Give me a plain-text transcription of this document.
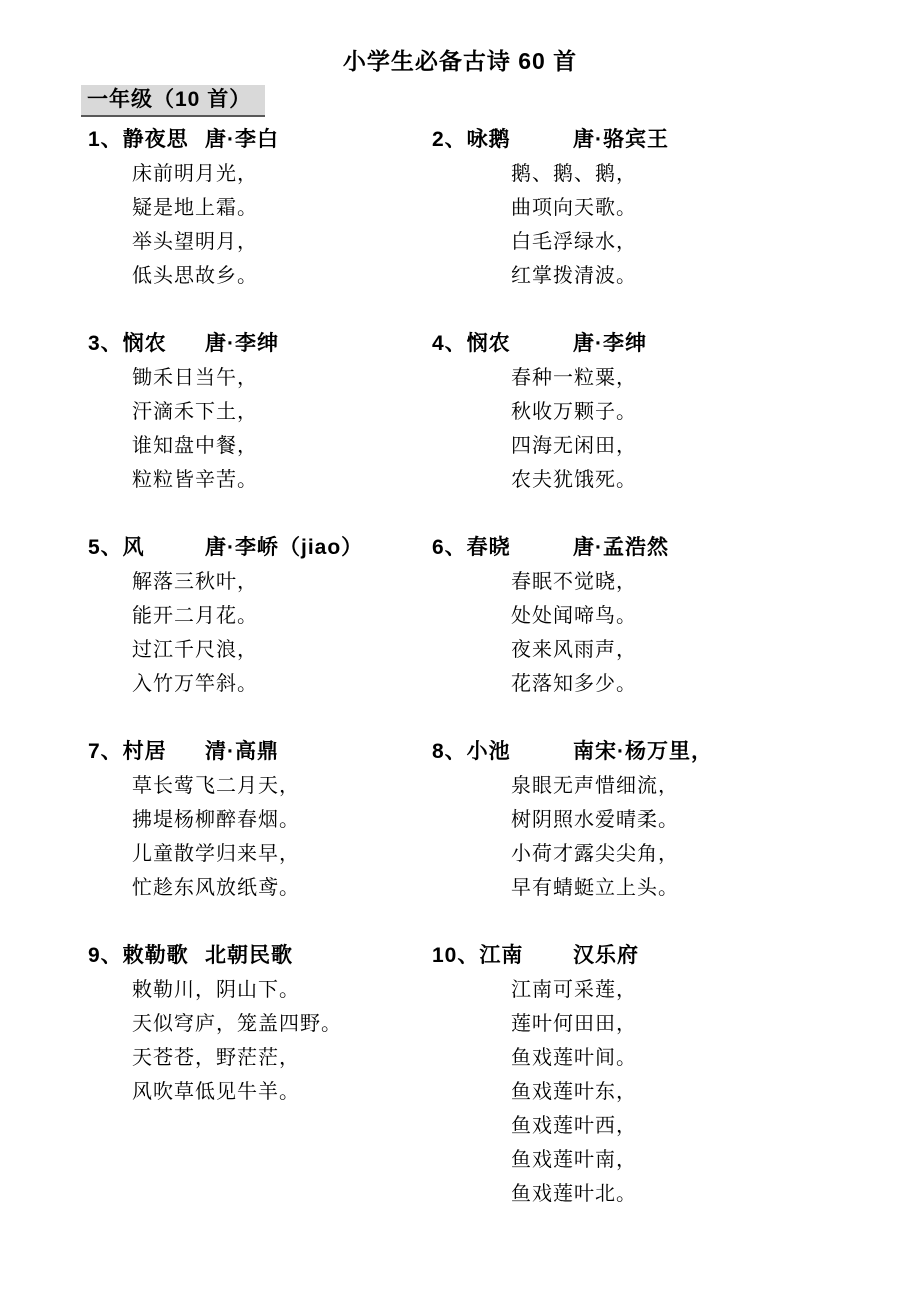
小学生必备古诗 60 首
一年级（10 首）
1、静夜思 唐·李白
床前明月光，
疑是地上霜。
举头望明月，
低头思故乡。
2、咏鹅	唐·骆宾王
鹅、鹅、鹅，
曲项向天歌。
白毛浮绿水，
红掌拨清波。
3、悯农 唐·李绅
锄禾日当午，
汗滴禾下土，
谁知盘中餐，
粒粒皆辛苦。
4、悯农	唐·李绅
春种一粒粟，
秋收万颗子。
四海无闲田，
农夫犹饿死。
5、风	唐·李峤（jiao）
解落三秋叶，
能开二月花。
过江千尺浪，
入竹万竿斜。
6、春晓	唐·孟浩然
春眠不觉晓，
处处闻啼鸟。
夜来风雨声，
花落知多少。
7、村居 清·高鼎
草长莺飞二月天，
拂堤杨柳醉春烟。
儿童散学归来早，
忙趁东风放纸鸢。
8、小池	南宋·杨万里，
泉眼无声惜细流，
树阴照水爱晴柔。
小荷才露尖尖角，
早有蜻蜓立上头。
9、敕勒歌 北朝民歌
敕勒川，阴山下。
天似穹庐，笼盖四野。
天苍苍，野茫茫，
风吹草低见牛羊。
10、江南 汉乐府
江南可采莲，
莲叶何田田，
鱼戏莲叶间。
鱼戏莲叶东，
鱼戏莲叶西，
鱼戏莲叶南，
鱼戏莲叶北。
